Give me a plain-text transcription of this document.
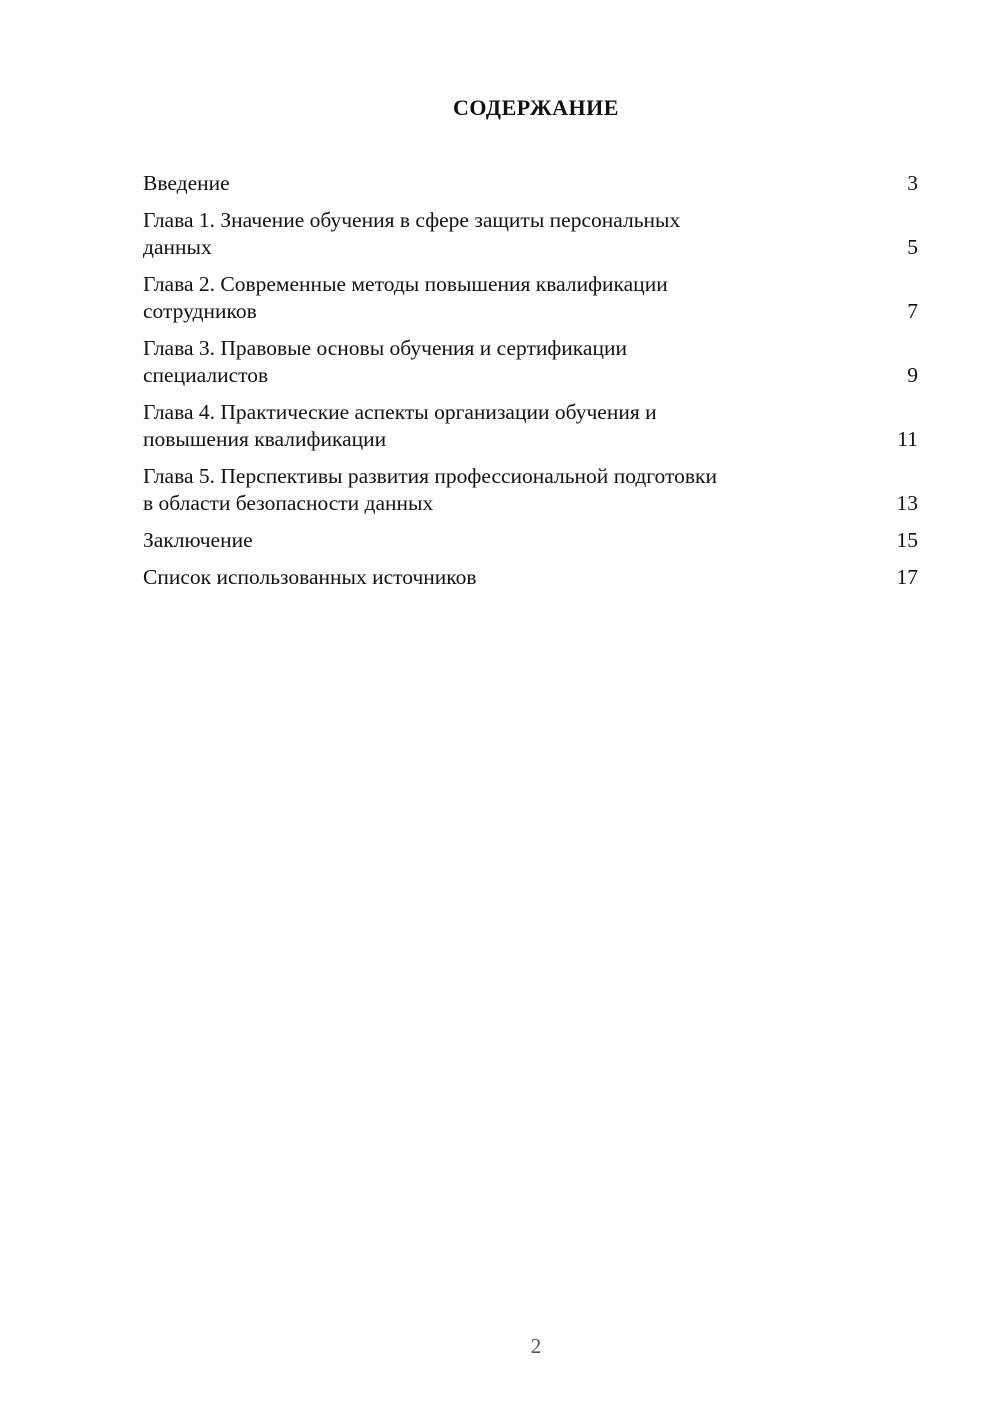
СОДЕРЖАНИЕ
Введение	3
Глава 1. Значение обучения в сфере защиты персональных
данных	5
Глава 2. Современные методы повышения квалификации
сотрудников	7
Глава 3. Правовые основы обучения и сертификации
специалистов	9
Глава 4. Практические аспекты организации обучения и
повышения квалификации	11
Глава 5. Перспективы развития профессиональной подготовки
в области безопасности данных	13
Заключение	15
Список использованных источников	17
2
